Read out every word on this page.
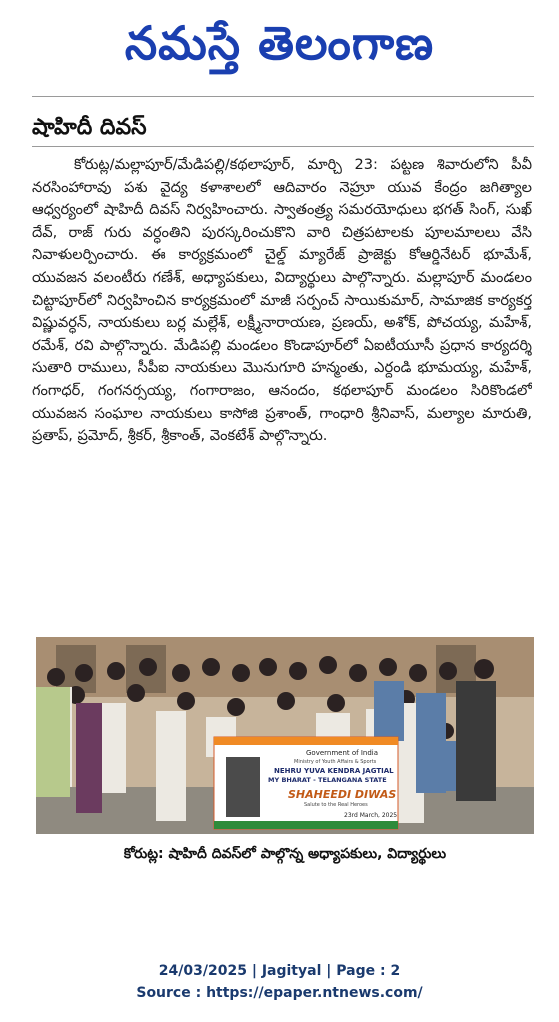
నమస్తే తెలంగాణ
షాహిదీ దివస్
కోరుట్ల/మల్లాపూర్/మేడిపల్లి/కథలాపూర్, మార్చి 23: పట్టణ శివారులోని పీవీ నరసింహారావు పశు వైద్య కళాశాలలో ఆదివారం నెహ్రూ యువ కేంద్రం జగిత్యాల ఆధ్వర్యంలో షాహిదీ దివస్ నిర్వహించారు. స్వాతంత్ర్య సమరయోధులు భగత్ సింగ్, సుఖ్ దేవ్, రాజ్ గురు వర్ధంతిని పురస్కరించుకొని వారి చిత్రపటాలకు పూలమాలలు వేసి నివాళులర్పించారు. ఈ కార్యక్రమంలో చైల్డ్ మ్యారేజ్ ప్రాజెక్టు కోఆర్డినేటర్ భూమేశ్, యువజన వలంటీరు గణేశ్, అధ్యాపకులు, విద్యార్థులు పాల్గొన్నారు. మల్లాపూర్ మండలం చిట్టాపూర్‌లో నిర్వహించిన కార్యక్రమంలో మాజీ సర్పంచ్ సాయికుమార్, సామాజిక కార్యకర్త విష్ణువర్ధన్, నాయకులు బర్ల మల్లేశ్, లక్ష్మీనారాయణ, ప్రణయ్, అశోక్, పోచయ్య, మహేశ్, రమేశ్, రవి పాల్గొన్నారు. మేడిపల్లి మండలం కొండాపూర్‌లో ఏఐటీయూసీ ప్రధాన కార్యదర్శి సుతారి రాములు, సీపీఐ నాయకులు మొనుగూరి హన్మంతు, ఎర్దండి భూమయ్య, మహేశ్, గంగాధర్, గంగనర్సయ్య, గంగారాజం, ఆనందం, కథలాపూర్ మండలం సిరికొండలో యువజన సంఘాల నాయకులు కాసోజి ప్రశాంత్, గాంధారి శ్రీనివాస్, మల్యాల మారుతి, ప్రతాప్, ప్రమోద్, శ్రీకర్, శ్రీకాంత్, వెంకటేశ్ పాల్గొన్నారు.
Government of India
Ministry of Youth Affairs & Sports
NEHRU YUVA KENDRA JAGTIAL
MY BHARAT - TELANGANA STATE
SHAHEEDI DIWAS
Salute to the Real Heroes
23rd March, 2025
కోరుట్ల: షాహిదీ దివస్‌లో పాల్గొన్న అధ్యాపకులు, విద్యార్థులు
24/03/2025 | Jagityal | Page : 2
Source : https://epaper.ntnews.com/
